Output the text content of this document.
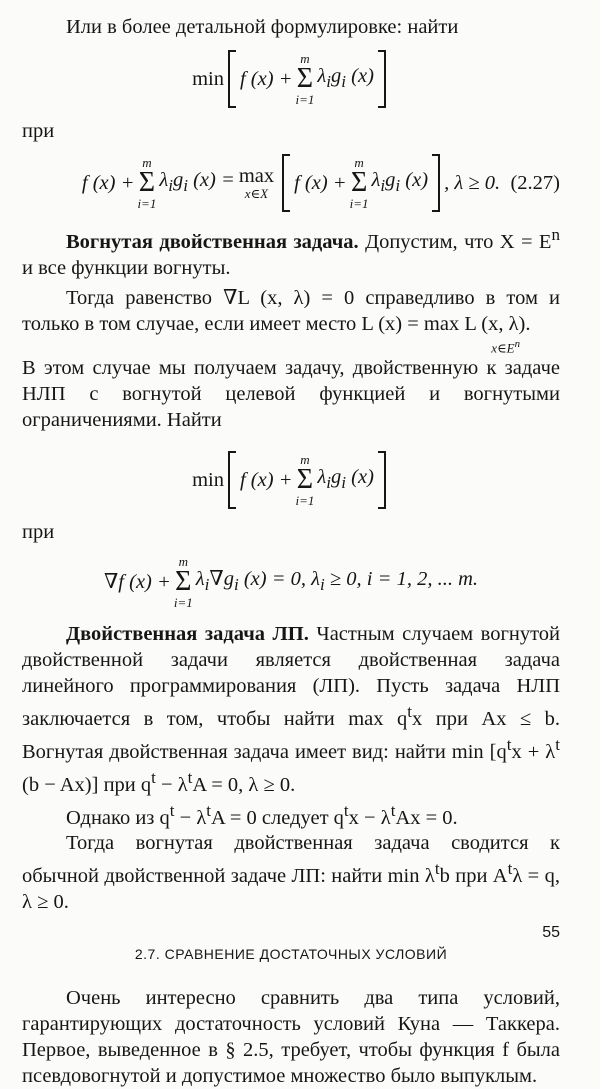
Или в более детальной формулировке: найти

min f (x) +
m
Σ
i=1
$\lambda_ig_i$ (x)

при

f (x) +
m
Σ
i=1
$\lambda_ig_i$ (x) = max
x∈X f (x) +
m
Σ
i=1
$\lambda_ig_i$ (x) , λ ≥ 0. (2.27)

Вогнутая двойственная задача. Допустим, что $X = E^n$ и все функции вогнуты.

Тогда равенство ∇L (x, λ) = 0 справедливо в том и только в том случае, если имеет место L (x) = max L (x, λ).

$x\in E^n$

В этом случае мы получаем задачу, двойственную к задаче НЛП с вогнутой целевой функцией и вогнутыми ограничениями. Найти

min f (x) +
m
Σ
i=1
$\lambda_ig_i$ (x)

при

∇f (x) +
m
Σ
i=1
$\lambda_i\nabla g_i$ (x) = 0, $\lambda_i \ge 0$, i = 1, 2, ... m.

Двойственная задача ЛП. Частным случаем вогнутой двойственной задачи является двойственная задача линейного программирования (ЛП). Пусть задача НЛП заключается в том, чтобы найти $\max q^tx$ при Ax ≤ b. Вогнутая двойственная задача имеет вид: найти $\min [q^tx + \lambda^t$ (b − Ax)] при $q^t - \lambda^tA = 0$, λ ≥ 0.

Однако из $q^t - \lambda^tA = 0$ следует $q^tx - \lambda^tAx = 0$.

Тогда вогнутая двойственная задача сводится к обычной двойственной задаче ЛП: найти $\min \lambda^tb$ при $A^t\lambda = q$, λ ≥ 0.

2.7. СРАВНЕНИЕ ДОСТАТОЧНЫХ УСЛОВИЙ

Очень интересно сравнить два типа условий, гарантирующих достаточность условий Куна — Таккера. Первое, выведенное в § 2.5, требует, чтобы функция f была псевдовогнутой и допустимое множество было выпуклым.

55
